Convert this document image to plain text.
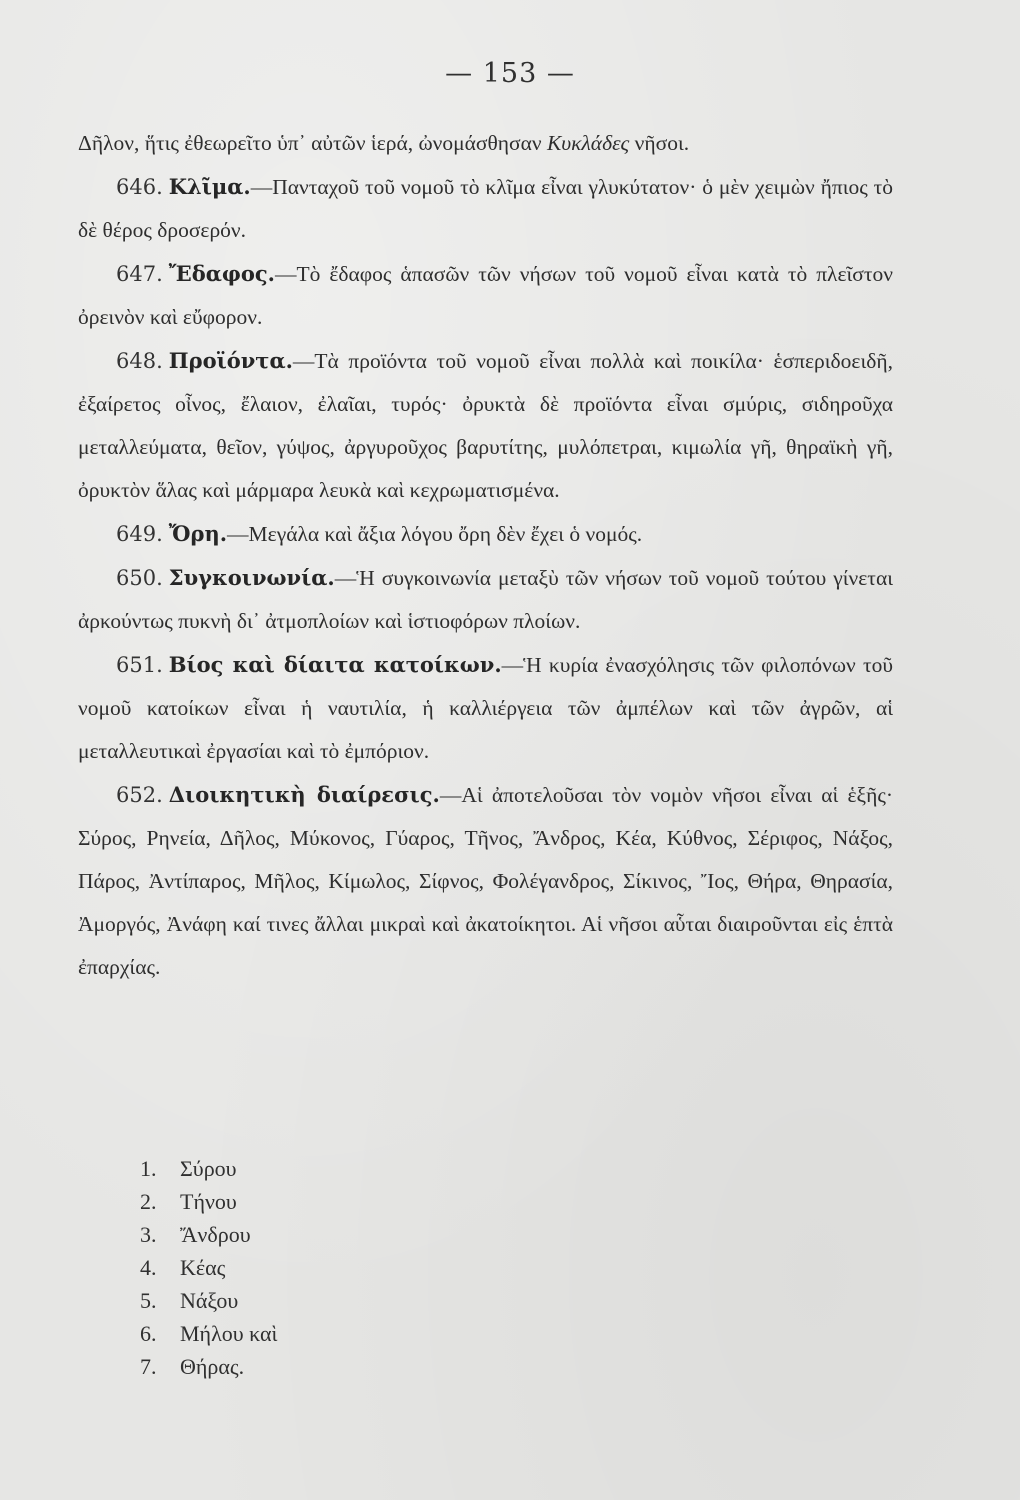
— 153 —

Δῆλον, ἥτις ἐθεωρεῖτο ὑπ᾽ αὐτῶν ἱερά, ὠνομάσθησαν Κυκλάδες νῆσοι.

646. Κλῖμα.—Πανταχοῦ τοῦ νομοῦ τὸ κλῖμα εἶναι γλυκύτατον· ὁ μὲν χειμὼν ἤπιος τὸ δὲ θέρος δροσερόν.

647. Ἔδαφος.—Τὸ ἔδαφος ἁπασῶν τῶν νήσων τοῦ νομοῦ εἶναι κατὰ τὸ πλεῖστον ὀρεινὸν καὶ εὔφορον.

648. Προϊόντα.—Τὰ προϊόντα τοῦ νομοῦ εἶναι πολλὰ καὶ ποικίλα· ἑσπεριδοειδῆ, ἐξαίρετος οἶνος, ἔλαιον, ἐλαῖαι, τυρός· ὀρυκτὰ δὲ προϊόντα εἶναι σμύρις, σιδηροῦχα μεταλλεύματα, θεῖον, γύψος, ἀργυροῦχος βαρυτίτης, μυλόπετραι, κιμωλία γῆ, θηραϊκὴ γῆ, ὀρυκτὸν ἅλας καὶ μάρμαρα λευκὰ καὶ κεχρωματισμένα.

649. Ὄρη.—Μεγάλα καὶ ἄξια λόγου ὄρη δὲν ἔχει ὁ νομός.

650. Συγκοινωνία.—Ἡ συγκοινωνία μεταξὺ τῶν νήσων τοῦ νομοῦ τούτου γίνεται ἀρκούντως πυκνὴ δι᾽ ἀτμοπλοίων καὶ ἱστιοφόρων πλοίων.

651. Βίος καὶ δίαιτα κατοίκων.—Ἡ κυρία ἐνασχόλησις τῶν φιλοπόνων τοῦ νομοῦ κατοίκων εἶναι ἡ ναυτιλία, ἡ καλλιέργεια τῶν ἀμπέλων καὶ τῶν ἀγρῶν, αἱ μεταλλευτικαὶ ἐργασίαι καὶ τὸ ἐμπόριον.

652. Διοικητικὴ διαίρεσις.—Αἱ ἀποτελοῦσαι τὸν νομὸν νῆσοι εἶναι αἱ ἑξῆς· Σύρος, Ρηνεία, Δῆλος, Μύκονος, Γύαρος, Τῆνος, Ἄνδρος, Κέα, Κύθνος, Σέριφος, Νάξος, Πάρος, Ἀντίπαρος, Μῆλος, Κίμωλος, Σίφνος, Φολέγανδρος, Σίκινος, Ἴος, Θήρα, Θηρασία, Ἀμοργός, Ἀνάφη καί τινες ἄλλαι μικραὶ καὶ ἀκατοίκητοι. Αἱ νῆσοι αὗται διαιροῦνται εἰς ἑπτὰ ἐπαρχίας.

1. Σύρου
2. Τήνου
3. Ἄνδρου
4. Κέας
5. Νάξου
6. Μήλου καὶ
7. Θήρας.
